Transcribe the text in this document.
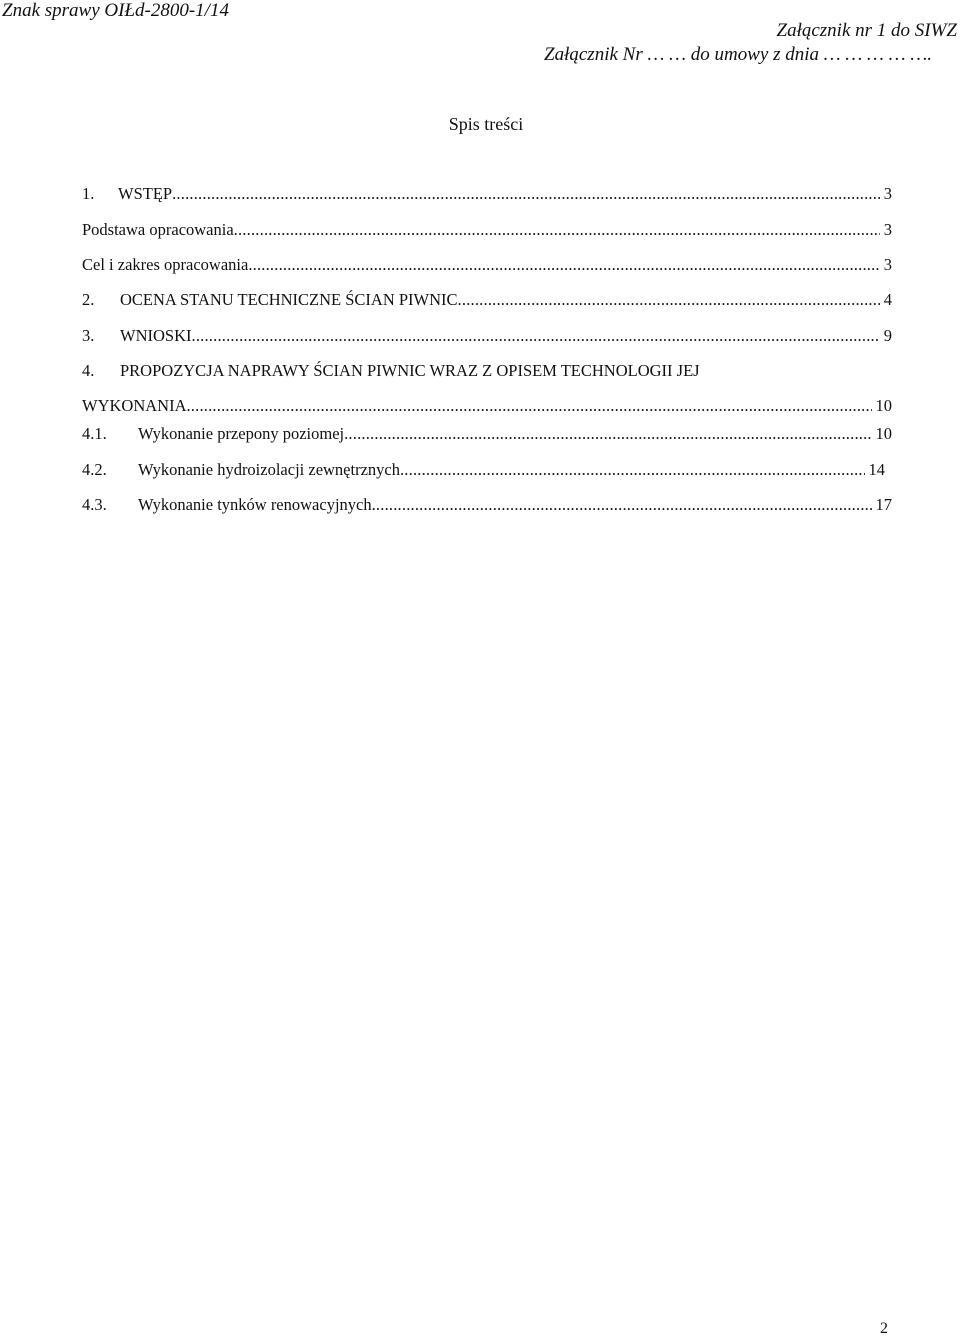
Znak sprawy OIŁd-2800-1/14
Załącznik nr 1 do SIWZ
Załącznik Nr … … do umowy z dnia … … … … ….
Spis treści
1.	WSTĘP .....	3
Podstawa opracowania .....	3
Cel i zakres opracowania .....	3
2.	OCENA STANU TECHNICZNE ŚCIAN PIWNIC .....	4
3.	WNIOSKI .....	9
4.	PROPOZYCJA NAPRAWY ŚCIAN PIWNIC WRAZ Z OPISEM TECHNOLOGII JEJ
WYKONANIA .....	10
4.1.	Wykonanie przepony poziomej .....	10
4.2.	Wykonanie hydroizolacji zewnętrznych .....	14
4.3.	Wykonanie tynków renowacyjnych .....	17
2
